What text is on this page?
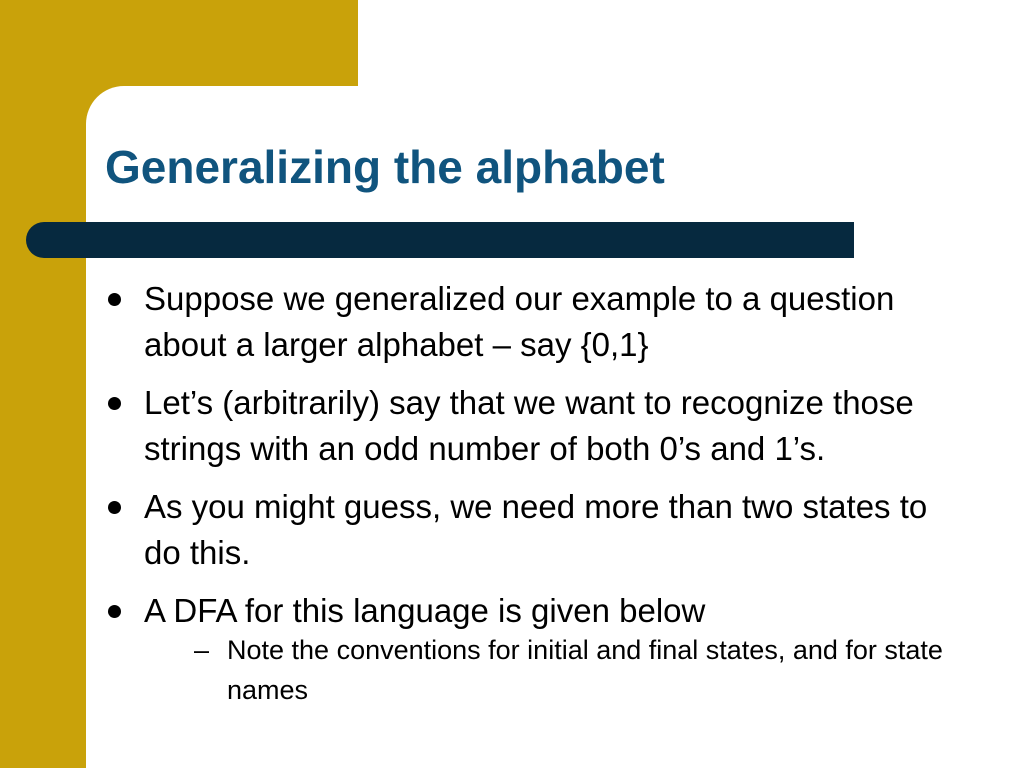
Generalizing the alphabet
Suppose we generalized our example to a question about a larger alphabet – say {0,1}
Let’s (arbitrarily) say that we want to recognize those strings with an odd number of both 0’s and 1’s.
As you might guess, we need more than two states to do this.
A DFA for this language is given below
– Note the conventions for initial and final states, and for state names
